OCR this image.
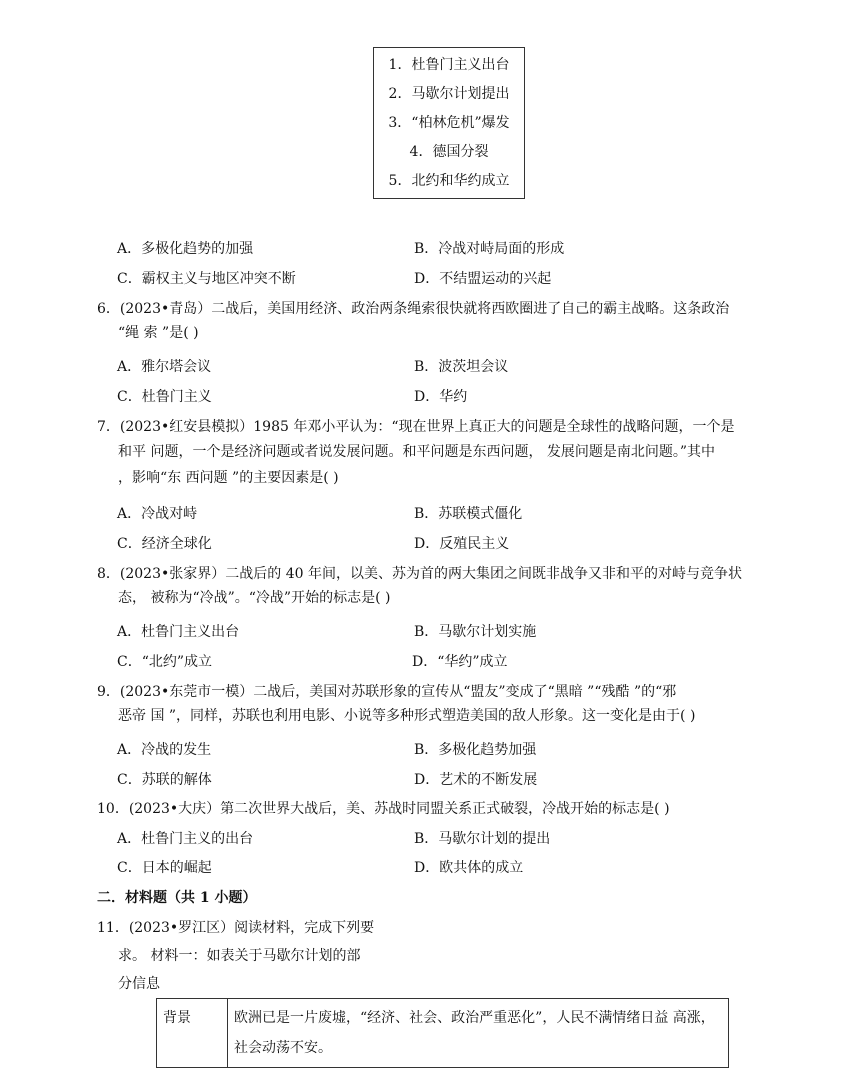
1．杜鲁门主义出台
2．马歇尔计划提出
3．“柏林危机”爆发
4．德国分裂
5．北约和华约成立
A．多极化趋势的加强	B．冷战对峙局面的形成
C．霸权主义与地区冲突不断	D．不结盟运动的兴起
6．(2023•青岛）二战后，美国用经济、政治两条绳索很快就将西欧圈进了自己的霸主战略。这条政治
“绳 索 ”是( )
A．雅尔塔会议	B．波茨坦会议
C．杜鲁门主义	D．华约
7．(2023•红安县模拟）1985 年邓小平认为：“现在世界上真正大的问题是全球性的战略问题，一个是
和平 问题，一个是经济问题或者说发展问题。和平问题是东西问题， 发展问题是南北问题。”其中
，影响“东 西问题 ”的主要因素是( )
A．冷战对峙	B．苏联模式僵化
C．经济全球化	D．反殖民主义
8．(2023•张家界）二战后的 40 年间，以美、苏为首的两大集团之间既非战争又非和平的对峙与竞争状
态， 被称为“冷战”。“冷战”开始的标志是( )
A．杜鲁门主义出台	B．马歇尔计划实施
C．“北约”成立	D．“华约”成立
9．(2023•东莞市一模）二战后，美国对苏联形象的宣传从“盟友”变成了“黑暗 ”“残酷 ”的“邪
恶帝 国 ”，同样，苏联也利用电影、小说等多种形式塑造美国的敌人形象。这一变化是由于( )
A．冷战的发生	B．多极化趋势加强
C．苏联的解体	D．艺术的不断发展
10．(2023•大庆）第二次世界大战后，美、苏战时同盟关系正式破裂，冷战开始的标志是( )
A．杜鲁门主义的出台	B．马歇尔计划的提出
C．日本的崛起	D．欧共体的成立
二．材料题（共 1 小题）
11．(2023•罗江区）阅读材料，完成下列要
求。 材料一：如表关于马歇尔计划的部
分信息
背景	欧洲已是一片废墟，“经济、社会、政治严重恶化”，人民不满情绪日益 高涨，社会动荡不安。
